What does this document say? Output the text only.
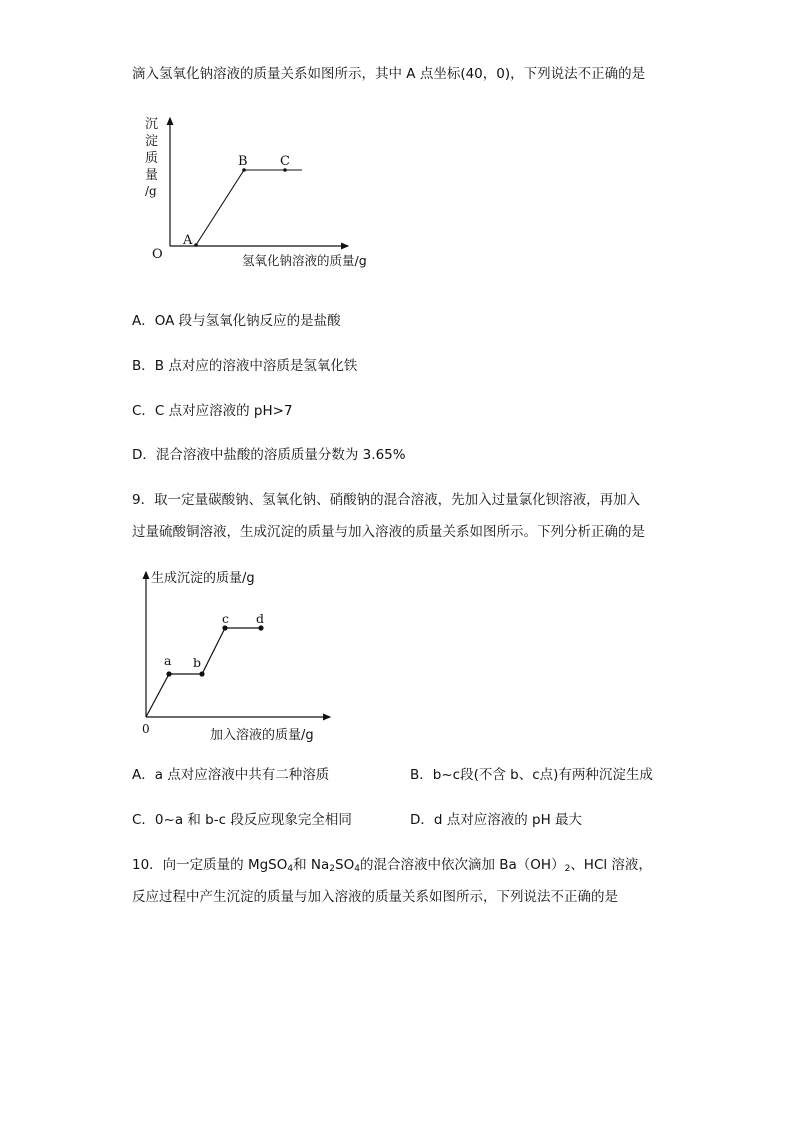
滴入氢氧化钠溶液的质量关系如图所示，其中 A 点坐标(40，0)，下列说法不正确的是
沉
淀
质
量
/g
O
A
B C
氢氧化钠溶液的质量/g
A．OA 段与氢氧化钠反应的是盐酸
B．B 点对应的溶液中溶质是氢氧化铁
C．C 点对应溶液的 pH>7
D．混合溶液中盐酸的溶质质量分数为 3.65%
9．取一定量碳酸钠、氢氧化钠、硝酸钠的混合溶液，先加入过量氯化钡溶液，再加入
过量硫酸铜溶液，生成沉淀的质量与加入溶液的质量关系如图所示。下列分析正确的是
生成沉淀的质量/g
0
a b
c d
加入溶液的质量/g
A．a 点对应溶液中共有二种溶质	B．b~c段(不含 b、c点)有两种沉淀生成
C．0~a 和 b-c 段反应现象完全相同	D．d 点对应溶液的 pH 最大
10．向一定质量的 MgSO$_4$和 $Na_2SO_4$的混合溶液中依次滴加 $Ba(OH)_2$、HCl 溶液，
反应过程中产生沉淀的质量与加入溶液的质量关系如图所示，下列说法不正确的是
